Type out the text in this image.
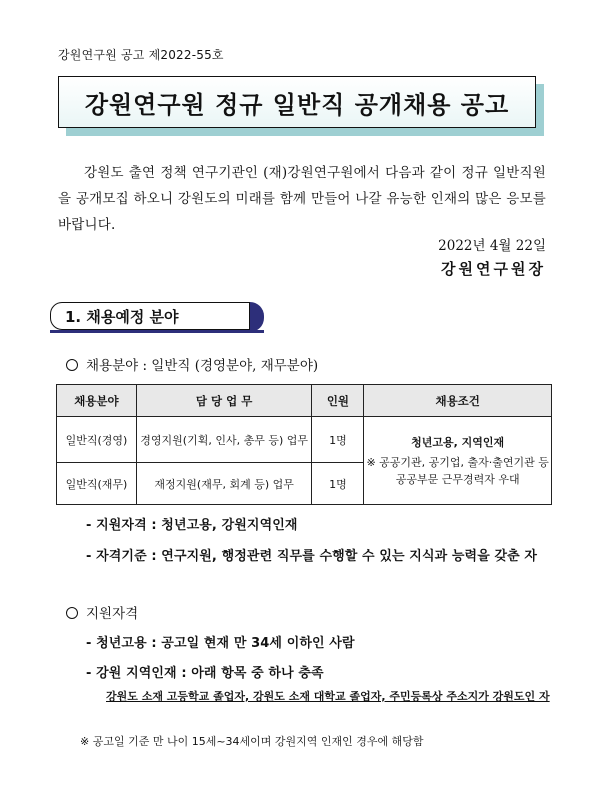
강원연구원 공고 제2022-55호
강원연구원 정규 일반직 공개채용 공고

강원도 출연 정책 연구기관인 (재)강원연구원에서 다음과 같이 정규 일반직원을 공개모집 하오니 강원도의 미래를 함께 만들어 나갈 유능한 인재의 많은 응모를 바랍니다.

2022년 4월 22일
강원연구원장
1. 채용예정 분야
채용분야 : 일반직 (경영분야, 재무분야)
채용분야	담 당 업 무	인원	채용조건
일반직(경영)	경영지원(기획, 인사, 총무 등) 업무	1명	청년고용, 지역인재
※ 공공기관, 공기업, 출자·출연기관 등
공공부문 근무경력자 우대

일반직(재무)	재정지원(재무, 회계 등) 업무	1명	
- 지원자격 : 청년고용, 강원지역인재
- 자격기준 : 연구지원, 행정관련 직무를 수행할 수 있는 지식과 능력을 갖춘 자
지원자격
- 청년고용 : 공고일 현재 만 34세 이하인 사람
- 강원 지역인재 : 아래 항목 중 하나 충족
강원도 소재 고등학교 졸업자, 강원도 소재 대학교 졸업자, 주민등록상 주소지가 강원도인 자
※ 공고일 기준 만 나이 15세~34세이며 강원지역 인재인 경우에 해당함
